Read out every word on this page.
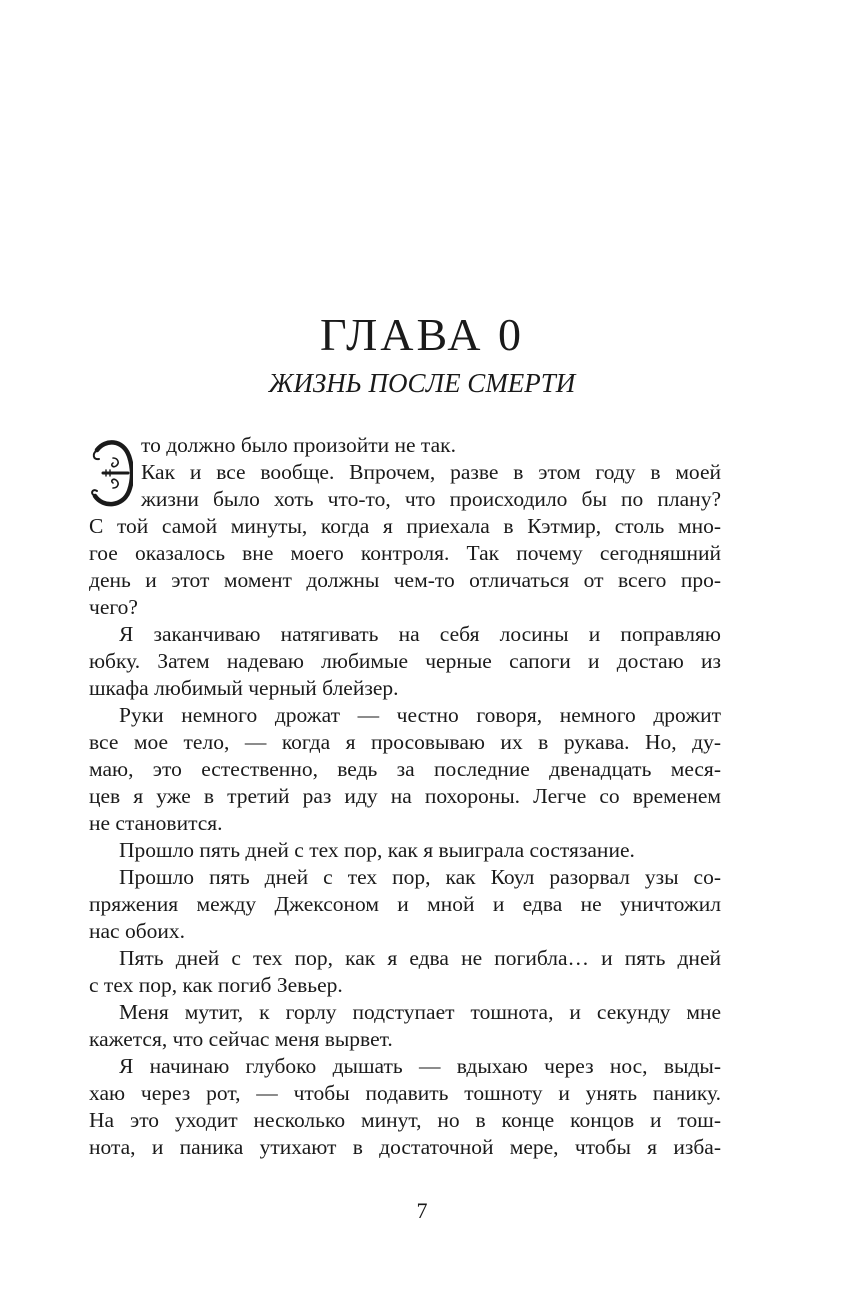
ГЛАВА 0
ЖИЗНЬ ПОСЛЕ СМЕРТИ
то должно было произойти не так.
Как и все вообще. Впрочем, разве в этом году в моей
жизни было хоть что-то, что происходило бы по плану?
С той самой минуты, когда я приехала в Кэтмир, столь мно-
гое оказалось вне моего контроля. Так почему сегодняшний
день и этот момент должны чем-то отличаться от всего про-
чего?
Я заканчиваю натягивать на себя лосины и поправляю
юбку. Затем надеваю любимые черные сапоги и достаю из
шкафа любимый черный блейзер.
Руки немного дрожат — честно говоря, немного дрожит
все мое тело, — когда я просовываю их в рукава. Но, ду-
маю, это естественно, ведь за последние двенадцать меся-
цев я уже в третий раз иду на похороны. Легче со временем
не становится.
Прошло пять дней с тех пор, как я выиграла состязание.
Прошло пять дней с тех пор, как Коул разорвал узы со-
пряжения между Джексоном и мной и едва не уничтожил
нас обоих.
Пять дней с тех пор, как я едва не погибла… и пять дней
с тех пор, как погиб Зевьер.
Меня мутит, к горлу подступает тошнота, и секунду мне
кажется, что сейчас меня вырвет.
Я начинаю глубоко дышать — вдыхаю через нос, выды-
хаю через рот, — чтобы подавить тошноту и унять панику.
На это уходит несколько минут, но в конце концов и тош-
нота, и паника утихают в достаточной мере, чтобы я изба-
7
